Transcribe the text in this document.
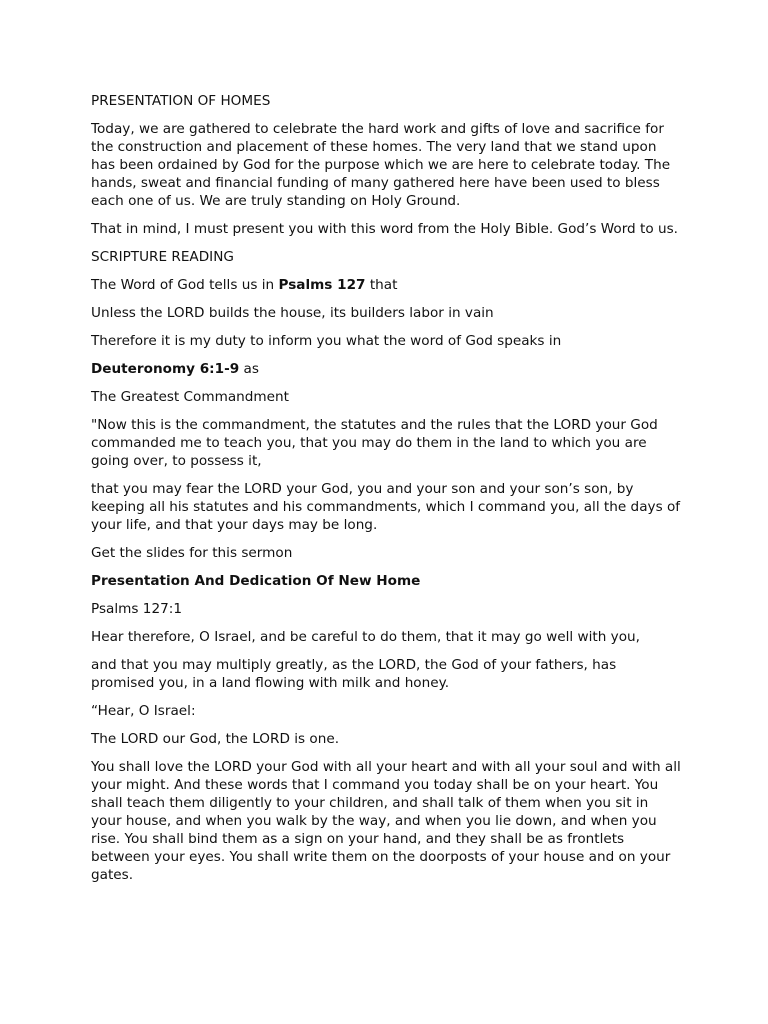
PRESENTATION OF HOMES

Today, we are gathered to celebrate the hard work and gifts of love and sacrifice for the construction and placement of these homes. The very land that we stand upon has been ordained by God for the purpose which we are here to celebrate today. The hands, sweat and financial funding of many gathered here have been used to bless each one of us. We are truly standing on Holy Ground.

That in mind, I must present you with this word from the Holy Bible. God’s Word to us.

SCRIPTURE READING

The Word of God tells us in Psalms 127 that

Unless the LORD builds the house, its builders labor in vain

Therefore it is my duty to inform you what the word of God speaks in

Deuteronomy 6:1-9 as

The Greatest Commandment

"Now this is the commandment, the statutes and the rules that the LORD your God commanded me to teach you, that you may do them in the land to which you are going over, to possess it,

that you may fear the LORD your God, you and your son and your son’s son, by keeping all his statutes and his commandments, which I command you, all the days of your life, and that your days may be long.

Get the slides for this sermon

Presentation And Dedication Of New Home

Psalms 127:1

Hear therefore, O Israel, and be careful to do them, that it may go well with you,

and that you may multiply greatly, as the LORD, the God of your fathers, has promised you, in a land flowing with milk and honey.

“Hear, O Israel:

The LORD our God, the LORD is one.

You shall love the LORD your God with all your heart and with all your soul and with all your might. And these words that I command you today shall be on your heart. You shall teach them diligently to your children, and shall talk of them when you sit in your house, and when you walk by the way, and when you lie down, and when you rise. You shall bind them as a sign on your hand, and they shall be as frontlets between your eyes. You shall write them on the doorposts of your house and on your gates.
